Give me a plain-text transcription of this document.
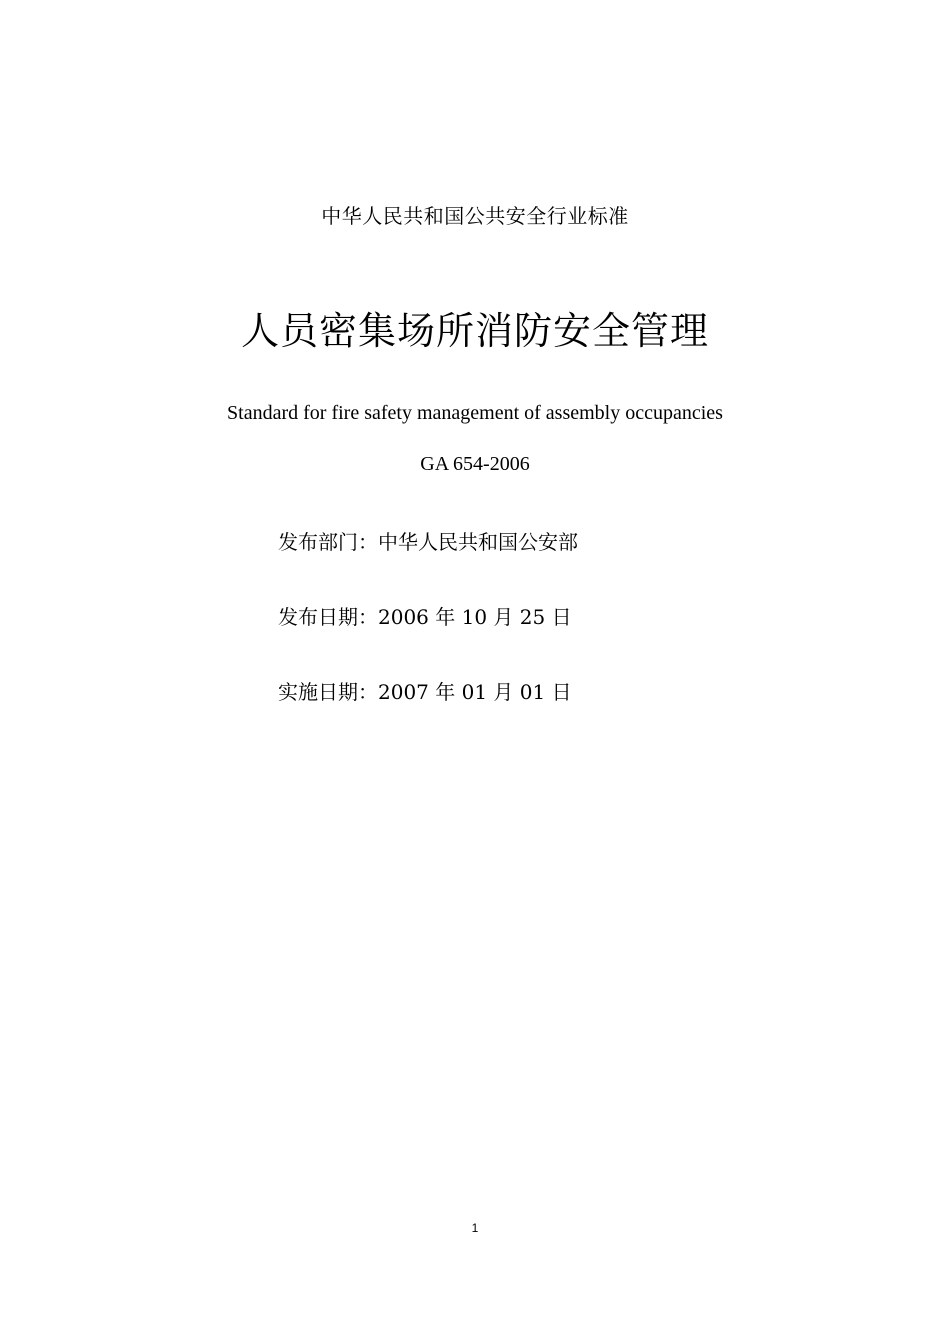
中华人民共和国公共安全行业标准
人员密集场所消防安全管理
Standard for fire safety management of assembly occupancies
GA 654-2006
发布部门：中华人民共和国公安部
发布日期：2006 年 10 月 25 日
实施日期：2007 年 01 月 01 日
1
